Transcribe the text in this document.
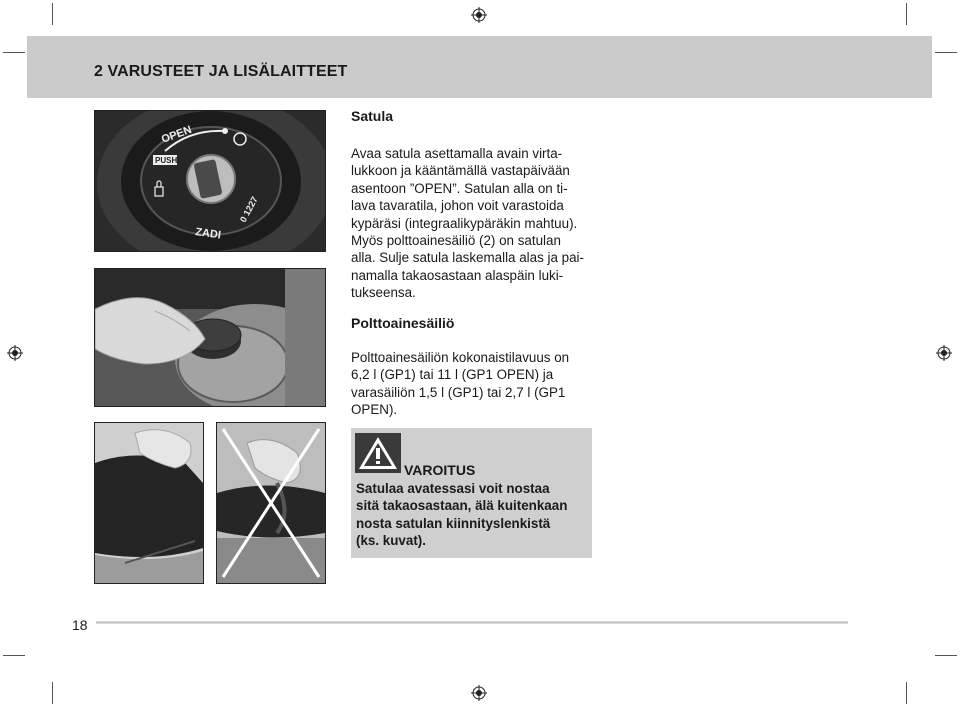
2 VARUSTEET JA LISÄLAITTEET
OPEN
PUSH
ZADI
0 1227
Satula
Avaa satula asettamalla avain virta-
lukkoon ja kääntämällä vastapäivään
asentoon ”OPEN”. Satulan alla on ti-
lava tavaratila, johon voit varastoida
kypäräsi (integraalikypäräkin mahtuu).
Myös polttoainesäiliö (2) on satulan
alla. Sulje satula laskemalla alas ja pai-
namalla takaosastaan alaspäin luki-
tukseensa.
Polttoainesäiliö
Polttoainesäiliön kokonaistilavuus on
6,2 l (GP1) tai 11 l (GP1 OPEN) ja
varasäiliön 1,5 l (GP1) tai 2,7 l (GP1
OPEN).
VAROITUS
Satulaa avatessasi voit nostaa
sitä takaosastaan, älä kuitenkaan
nosta satulan kiinnityslenkistä
(ks. kuvat).
18
